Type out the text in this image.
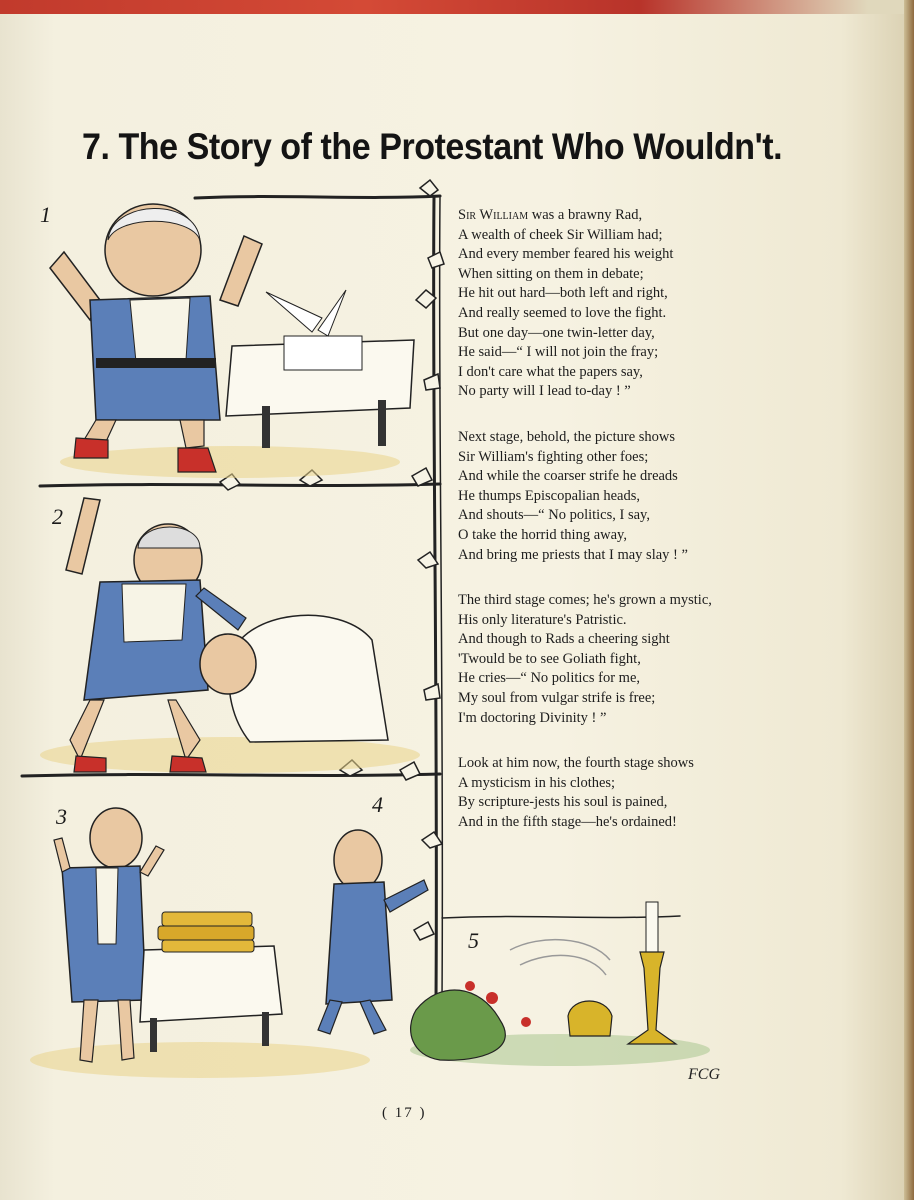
7. The Story of the Protestant Who Wouldn't.
1
2
3	4
5
Sir William was a brawny Rad,
A wealth of cheek Sir William had;
And every member feared his weight
When sitting on them in debate;
He hit out hard—both left and right,
And really seemed to love the fight.
But one day—one twin-letter day,
He said—“ I will not join the fray;
I don't care what the papers say,
No party will I lead to-day ! ”
Next stage, behold, the picture shows
Sir William's fighting other foes;
And while the coarser strife he dreads
He thumps Episcopalian heads,
And shouts—“ No politics, I say,
O take the horrid thing away,
And bring me priests that I may slay ! ”
The third stage comes; he's grown a mystic,
His only literature's Patristic.
And though to Rads a cheering sight
'Twould be to see Goliath fight,
He cries—“ No politics for me,
My soul from vulgar strife is free;
I'm doctoring Divinity ! ”
Look at him now, the fourth stage shows
A mysticism in his clothes;
By scripture-jests his soul is pained,
And in the fifth stage—he's ordained!
FCG
( 17 )
